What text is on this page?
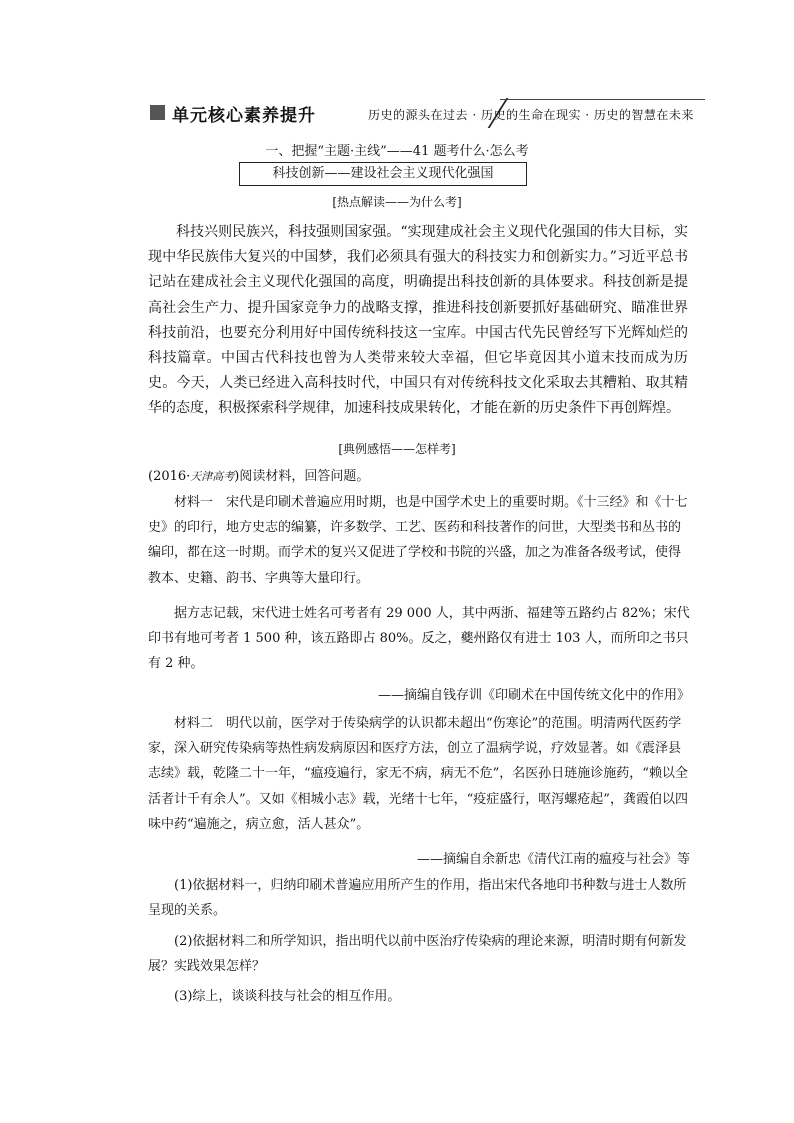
单元核心素养提升	历史的源头在过去 · 历史的生命在现实 · 历史的智慧在未来
一、把握“主题·主线”——41 题考什么·怎么考
科技创新——建设社会主义现代化强国
[热点解读——为什么考]

科技兴则民族兴，科技强则国家强。“实现建成社会主义现代化强国的伟大目标，实现中华民族伟大复兴的中国梦，我们必须具有强大的科技实力和创新实力。”习近平总书记站在建成社会主义现代化强国的高度，明确提出科技创新的具体要求。科技创新是提高社会生产力、提升国家竞争力的战略支撑，推进科技创新要抓好基础研究、瞄准世界科技前沿，也要充分利用好中国传统科技这一宝库。中国古代先民曾经写下光辉灿烂的科技篇章。中国古代科技也曾为人类带来较大幸福，但它毕竟因其小道末技而成为历史。今天，人类已经进入高科技时代，中国只有对传统科技文化采取去其糟粕、取其精华的态度，积极探索科学规律，加速科技成果转化，才能在新的历史条件下再创辉煌。

[典例感悟——怎样考]
(2016·天津高考)阅读材料，回答问题。

材料一　宋代是印刷术普遍应用时期，也是中国学术史上的重要时期。《十三经》和《十七史》的印行，地方史志的编纂，许多数学、工艺、医药和科技著作的问世，大型类书和丛书的编印，都在这一时期。而学术的复兴又促进了学校和书院的兴盛，加之为准备各级考试，使得教本、史籍、韵书、字典等大量印行。

据方志记载，宋代进士姓名可考者有 29 000 人，其中两浙、福建等五路约占 82%；宋代印书有地可考者 1 500 种，该五路即占 80%。反之，夔州路仅有进士 103 人，而所印之书只有 2 种。

——摘编自钱存训《印刷术在中国传统文化中的作用》

材料二　明代以前，医学对于传染病学的认识都未超出“伤寒论”的范围。明清两代医药学家，深入研究传染病等热性病发病原因和医疗方法，创立了温病学说，疗效显著。如《震泽县志续》载，乾隆二十一年，“瘟疫遍行，家无不病，病无不危”，名医孙日琏施诊施药，“赖以全活者计千有余人”。又如《相城小志》载，光绪十七年，“疫症盛行，呕泻螺疮起”，龚霞伯以四味中药“遍施之，病立愈，活人甚众”。

——摘编自余新忠《清代江南的瘟疫与社会》等

(1)依据材料一，归纳印刷术普遍应用所产生的作用，指出宋代各地印书种数与进士人数所呈现的关系。

(2)依据材料二和所学知识，指出明代以前中医治疗传染病的理论来源，明清时期有何新发展？实践效果怎样？

(3)综上，谈谈科技与社会的相互作用。
